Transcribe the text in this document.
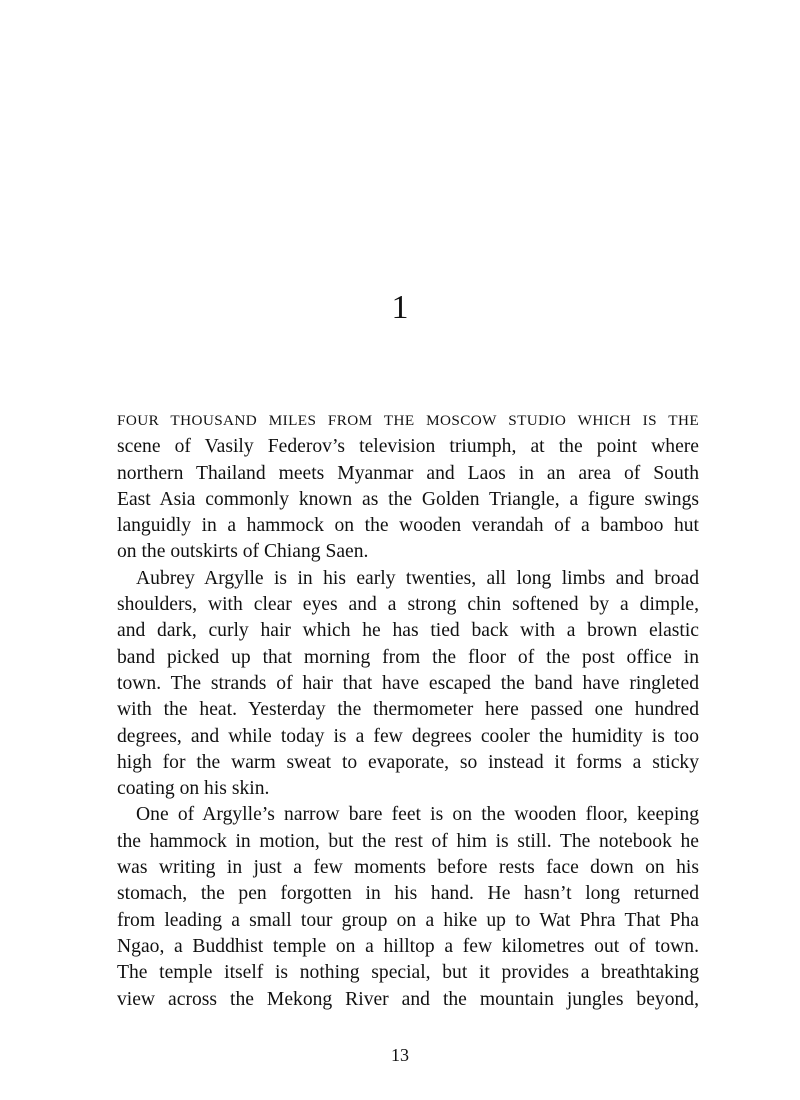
1
FOUR THOUSAND MILES FROM THE MOSCOW STUDIO WHICH IS THE
scene of Vasily Federov’s television triumph, at the point where
northern Thailand meets Myanmar and Laos in an area of South
East Asia commonly known as the Golden Triangle, a figure swings
languidly in a hammock on the wooden verandah of a bamboo hut
on the outskirts of Chiang Saen.
Aubrey Argylle is in his early twenties, all long limbs and broad
shoulders, with clear eyes and a strong chin softened by a dimple,
and dark, curly hair which he has tied back with a brown elastic
band picked up that morning from the floor of the post office in
town. The strands of hair that have escaped the band have ringleted
with the heat. Yesterday the thermometer here passed one hundred
degrees, and while today is a few degrees cooler the humidity is too
high for the warm sweat to evaporate, so instead it forms a sticky
coating on his skin.
One of Argylle’s narrow bare feet is on the wooden floor, keeping
the hammock in motion, but the rest of him is still. The notebook he
was writing in just a few moments before rests face down on his
stomach, the pen forgotten in his hand. He hasn’t long returned
from leading a small tour group on a hike up to Wat Phra That Pha
Ngao, a Buddhist temple on a hilltop a few kilometres out of town.
The temple itself is nothing special, but it provides a breathtaking
view across the Mekong River and the mountain jungles beyond,
13
